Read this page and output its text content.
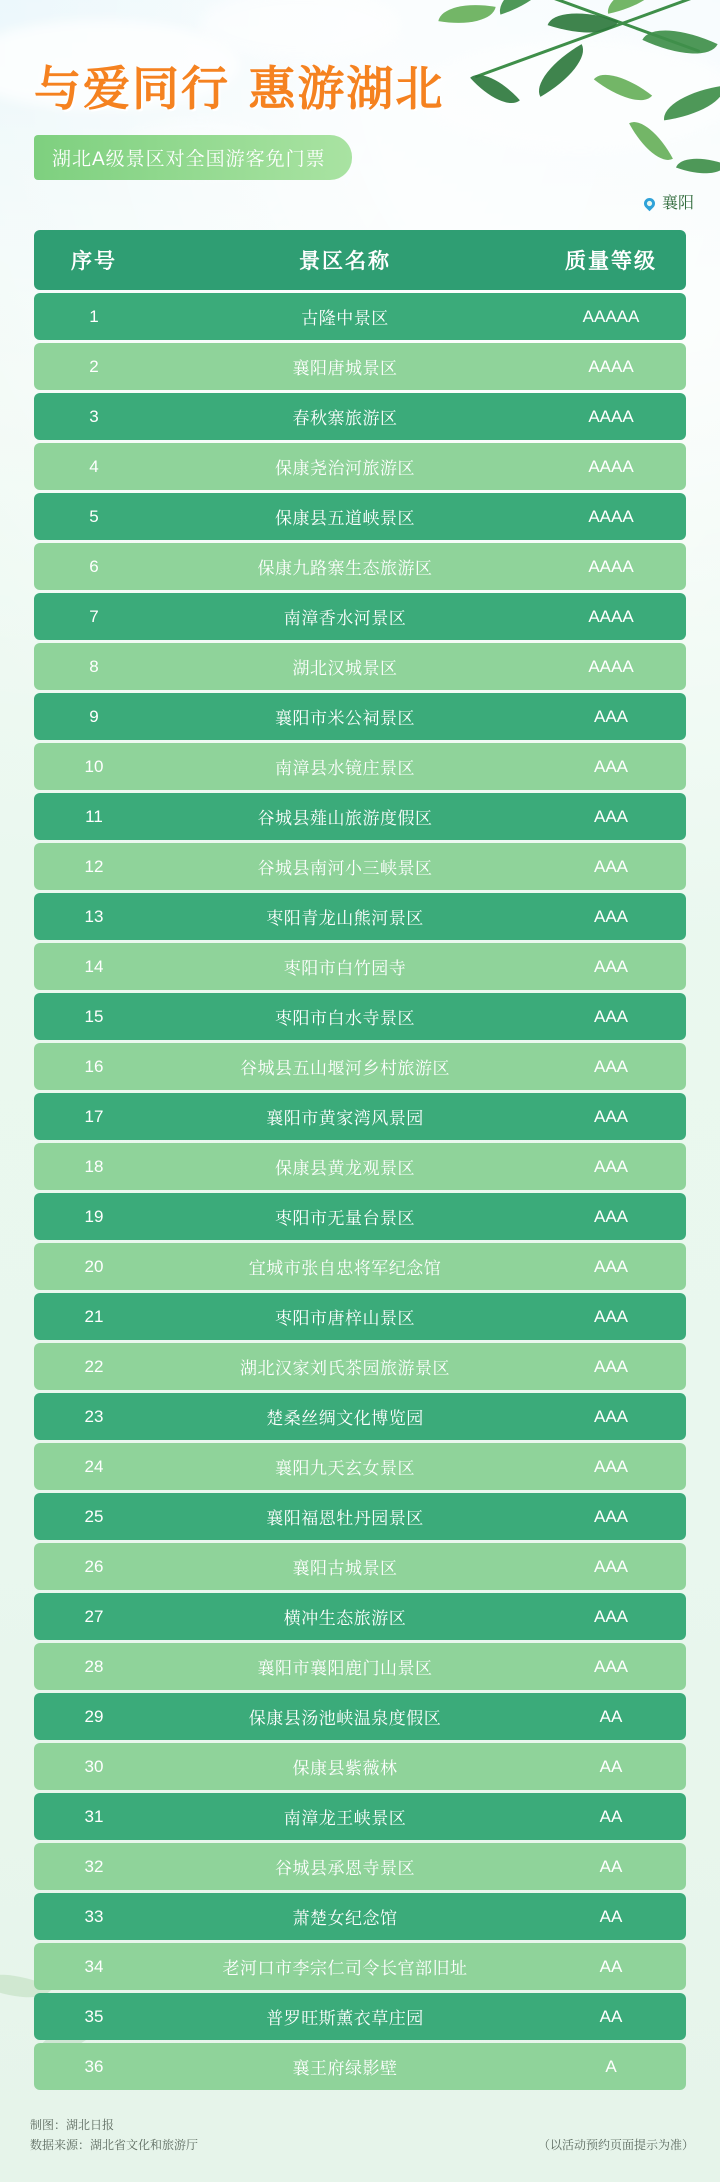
与爱同行 惠游湖北
湖北A级景区对全国游客免门票
襄阳
序号	景区名称	质量等级
1	古隆中景区	AAAAA
2	襄阳唐城景区	AAAA
3	春秋寨旅游区	AAAA
4	保康尧治河旅游区	AAAA
5	保康县五道峡景区	AAAA
6	保康九路寨生态旅游区	AAAA
7	南漳香水河景区	AAAA
8	湖北汉城景区	AAAA
9	襄阳市米公祠景区	AAA
10	南漳县水镜庄景区	AAA
11	谷城县薤山旅游度假区	AAA
12	谷城县南河小三峡景区	AAA
13	枣阳青龙山熊河景区	AAA
14	枣阳市白竹园寺	AAA
15	枣阳市白水寺景区	AAA
16	谷城县五山堰河乡村旅游区	AAA
17	襄阳市黄家湾风景园	AAA
18	保康县黄龙观景区	AAA
19	枣阳市无量台景区	AAA
20	宜城市张自忠将军纪念馆	AAA
21	枣阳市唐梓山景区	AAA
22	湖北汉家刘氏茶园旅游景区	AAA
23	楚桑丝绸文化博览园	AAA
24	襄阳九天玄女景区	AAA
25	襄阳福恩牡丹园景区	AAA
26	襄阳古城景区	AAA
27	横冲生态旅游区	AAA
28	襄阳市襄阳鹿门山景区	AAA
29	保康县汤池峡温泉度假区	AA
30	保康县紫薇林	AA
31	南漳龙王峡景区	AA
32	谷城县承恩寺景区	AA
33	萧楚女纪念馆	AA
34	老河口市李宗仁司令长官部旧址	AA
35	普罗旺斯薰衣草庄园	AA
36	襄王府绿影壁	A
制图：湖北日报
数据来源：湖北省文化和旅游厅	（以活动预约页面提示为准）
